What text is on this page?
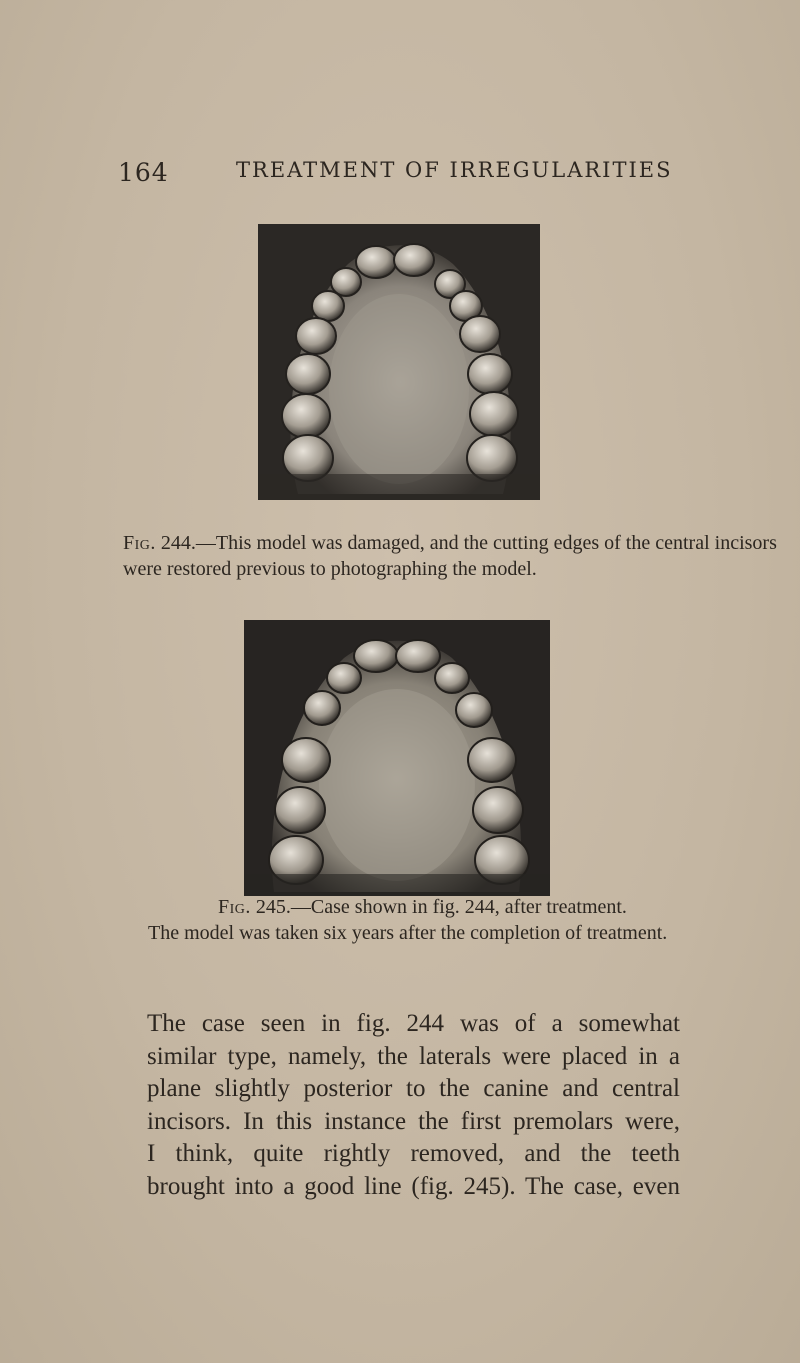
164	TREATMENT OF IRREGULARITIES

Fig. 244.—This model was damaged, and the cutting edges of the central incisors were restored previous to photographing the model.

Fig. 245.—Case shown in fig. 244, after treatment.

The model was taken six years after the completion of treatment.

The case seen in fig. 244 was of a somewhat
similar type, namely, the laterals were placed in a
plane slightly posterior to the canine and central
incisors. In this instance the first premolars were,
I think, quite rightly removed, and the teeth
brought into a good line (fig. 245). The case, even
